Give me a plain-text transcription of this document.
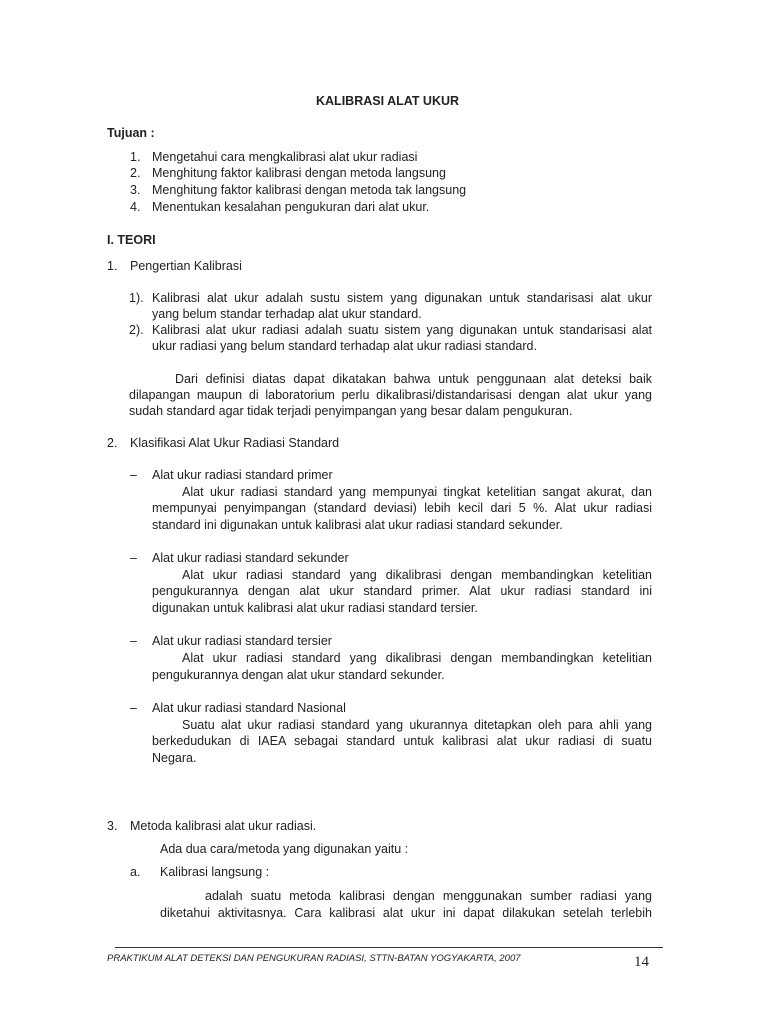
KALIBRASI ALAT UKUR
Tujuan :
1. Mengetahui cara mengkalibrasi alat ukur radiasi
2. Menghitung faktor kalibrasi dengan metoda langsung
3. Menghitung faktor kalibrasi dengan metoda tak langsung
4. Menentukan kesalahan pengukuran dari alat ukur.
I. TEORI
1. Pengertian Kalibrasi
1). Kalibrasi alat ukur adalah sustu sistem yang digunakan untuk standarisasi alat ukur
yang belum standar terhadap alat ukur standard.
2). Kalibrasi alat ukur radiasi adalah suatu sistem yang digunakan untuk standarisasi alat
ukur radiasi yang belum standard terhadap alat ukur radiasi standard.
Dari definisi diatas dapat dikatakan bahwa untuk penggunaan alat deteksi baik
dilapangan maupun di laboratorium perlu dikalibrasi/distandarisasi dengan alat ukur yang
sudah standard agar tidak terjadi penyimpangan yang besar dalam pengukuran.
2. Klasifikasi Alat Ukur Radiasi Standard
– Alat ukur radiasi standard primer
Alat ukur radiasi standard yang mempunyai tingkat ketelitian sangat akurat, dan
mempunyai penyimpangan (standard deviasi) lebih kecil dari 5 %. Alat ukur radiasi
standard ini digunakan untuk kalibrasi alat ukur radiasi standard sekunder.
– Alat ukur radiasi standard sekunder
Alat ukur radiasi standard yang dikalibrasi dengan membandingkan ketelitian
pengukurannya dengan alat ukur standard primer. Alat ukur radiasi standard ini
digunakan untuk kalibrasi alat ukur radiasi standard tersier.
– Alat ukur radiasi standard tersier
Alat ukur radiasi standard yang dikalibrasi dengan membandingkan ketelitian
pengukurannya dengan alat ukur standard sekunder.
– Alat ukur radiasi standard Nasional
Suatu alat ukur radiasi standard yang ukurannya ditetapkan oleh para ahli yang
berkedudukan di IAEA sebagai standard untuk kalibrasi alat ukur radiasi di suatu
Negara.
3. Metoda kalibrasi alat ukur radiasi.
Ada dua cara/metoda yang digunakan yaitu :
a. Kalibrasi langsung :
adalah suatu metoda kalibrasi dengan menggunakan sumber radiasi yang
diketahui aktivitasnya. Cara kalibrasi alat ukur ini dapat dilakukan setelah terlebih
PRAKTIKUM ALAT DETEKSI DAN PENGUKURAN RADIASI, STTN-BATAN YOGYAKARTA, 2007	14
